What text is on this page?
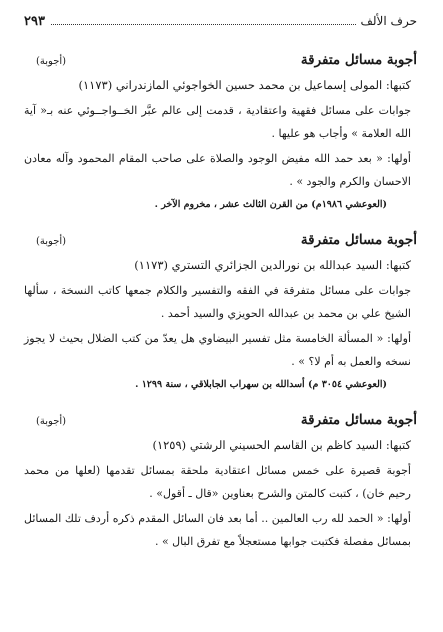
حرف الألف
٢٩٣
أجوبة مسائل متفرقة
(أجوبة)
كتبها: المولى إسماعيل بن محمد حسين الخواجوئي المازندراني (١١٧٣)
جوابات على مسائل فقهية واعتقادية ، قدمت إلى عالم عبَّر الخــواجــوئي عنه بـ« آية الله العلامة » وأجاب هو عليها .
أولها: « بعد حمد الله مفيض الوجود والصلاة على صاحب المقام المحمود وآله معادن الاحسان والكرم والجود » .
(العوعشي ١٩٨٦م) من القرن الثالث عشر ، مخروم الآخر .
أجوبة مسائل متفرقة
(أجوبة)
كتبها: السيد عبدالله بن نورالدين الجزائري التستري (١١٧٣)
جوابات على مسائل متفرقة في الفقه والتفسير والكلام جمعها كاتب النسخة ، سألها الشيخ علي بن محمد بن عبدالله الحويزي والسيد أحمد .
أولها: « المسألة الخامسة مثل تفسير البيضاوي هل يعدّ من كتب الضلال بحيث لا يجوز نسخه والعمل به أم لا؟ » .
(العوعشي ٣٠٥٤ م) أسدالله بن سهراب الجابلاقي ، سنة ١٢٩٩ .
أجوبة مسائل متفرقة
(أجوبة)
كتبها: السيد كاظم بن القاسم الحسيني الرشتي (١٢٥٩)
أجوبة قصيرة على خمس مسائل اعتقادية ملحقة بمسائل تقدمها (لعلها من محمد رحيم خان) ، كتبت كالمتن والشرح بعناوين «قال ـ أقول» .
أولها: « الحمد لله رب العالمين .. أما بعد فان السائل المقدم ذكره أردف تلك المسائل بمسائل مفصلة فكتبت جوابها مستعجلاً مع تفرق البال » .
